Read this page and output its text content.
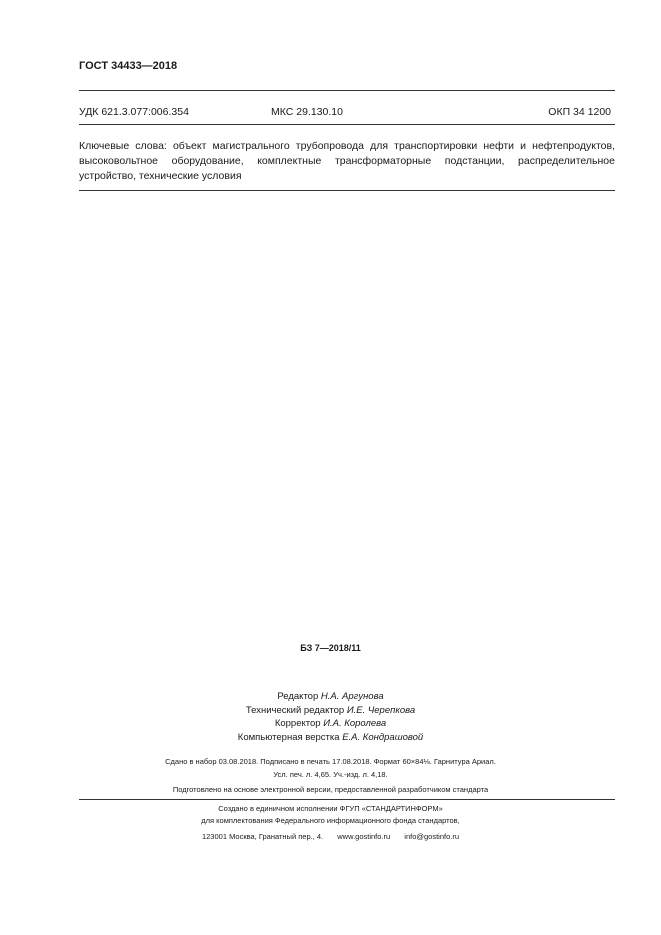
ГОСТ 34433—2018
УДК 621.3.077:006.354	МКС 29.130.10	ОКП 34 1200
Ключевые слова: объект магистрального трубопровода для транспортировки нефти и нефтепродуктов, высоковольтное оборудование, комплектные трансформаторные подстанции, распределительное устройство, технические условия
БЗ 7—2018/11
Редактор Н.А. Аргунова
Технический редактор И.Е. Черепкова
Корректор И.А. Королева
Компьютерная верстка Е.А. Кондрашовой
Сдано в набор 03.08.2018. Подписано в печать 17.08.2018. Формат 60×84⅛. Гарнитура Ариал.
Усл. печ. л. 4,65. Уч.-изд. л. 4,18.
Подготовлено на основе электронной версии, предоставленной разработчиком стандарта
Создано в единичном исполнении ФГУП «СТАНДАРТИНФОРМ»
для комплектования Федерального информационного фонда стандартов,
123001 Москва, Гранатный пер., 4. www.gostinfo.ru info@gostinfo.ru
